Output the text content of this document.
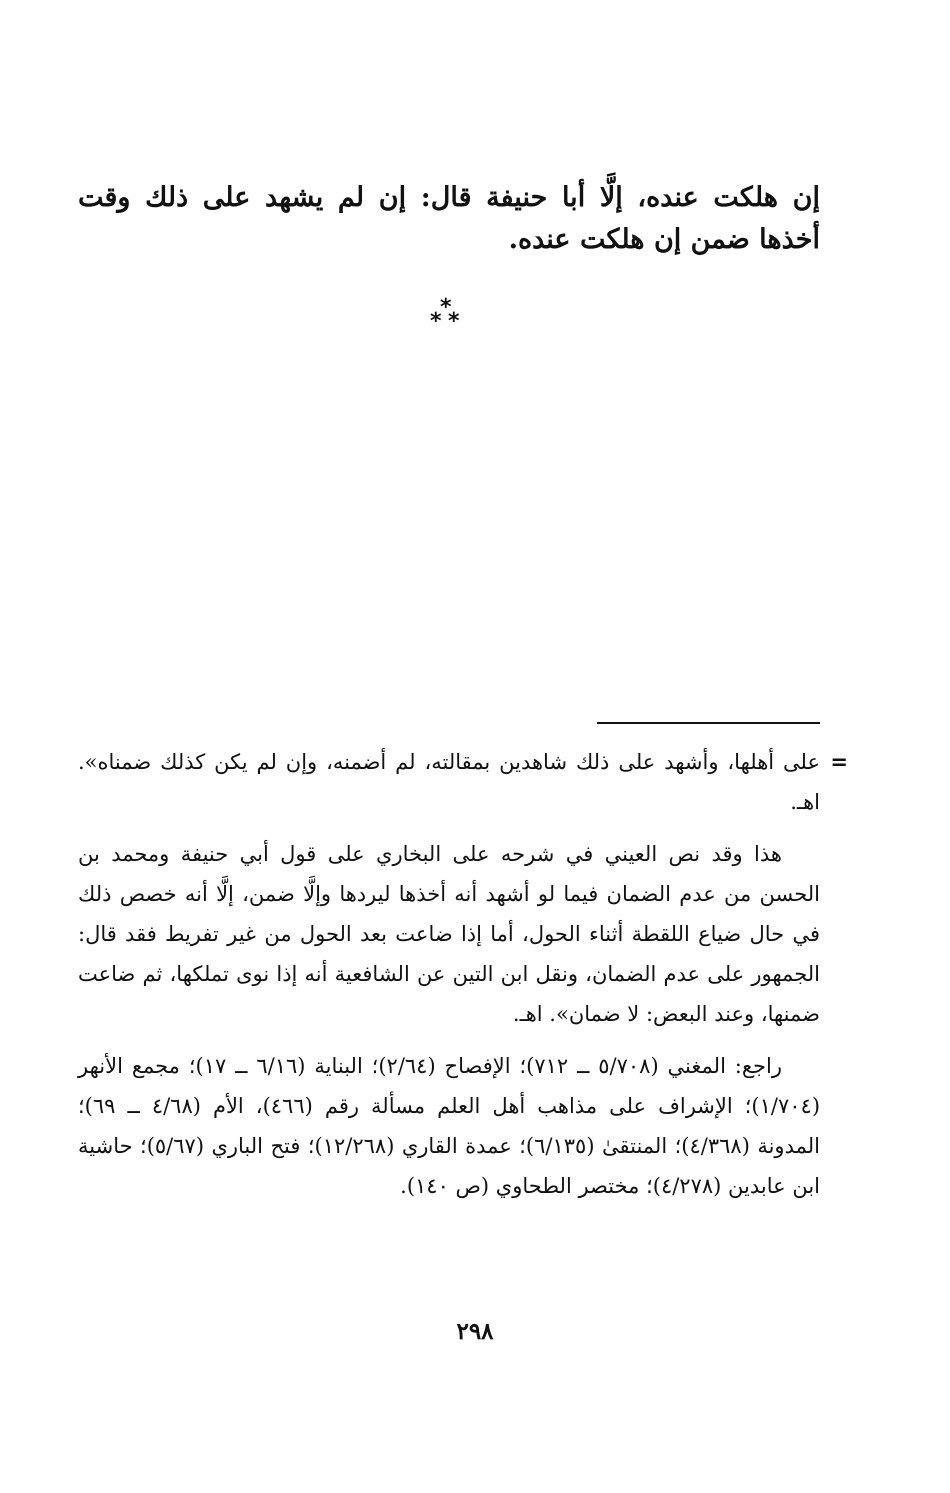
إن هلكت عنده، إلَّا أبا حنيفة قال: إن لم يشهد على ذلك وقت أخذها ضمن إن هلكت عنده.

*
* *

=
على أهلها، وأشهد على ذلك شاهدين بمقالته، لم أضمنه، وإن لم يكن كذلك ضمناه». اهـ.

هذا وقد نص العيني في شرحه على البخاري على قول أبي حنيفة ومحمد بن الحسن من عدم الضمان فيما لو أشهد أنه أخذها ليردها وإلَّا ضمن، إلَّا أنه خصص ذلك في حال ضياع اللقطة أثناء الحول، أما إذا ضاعت بعد الحول من غير تفريط فقد قال: الجمهور على عدم الضمان، ونقل ابن التين عن الشافعية أنه إذا نوى تملكها، ثم ضاعت ضمنها، وعند البعض: لا ضمان». اهـ.

راجع: المغني (٥/٧٠٨ ــ ٧١٢)؛ الإفصاح (٢/٦٤)؛ البناية (٦/١٦ ــ ١٧)؛ مجمع الأنهر (١/٧٠٤)؛ الإشراف على مذاهب أهل العلم مسألة رقم (٤٦٦)، الأم (٤/٦٨ ــ ٦٩)؛ المدونة (٤/٣٦٨)؛ المنتقىٰ (٦/١٣٥)؛ عمدة القاري (١٢/٢٦٨)؛ فتح الباري (٥/٦٧)؛ حاشية ابن عابدين (٤/٢٧٨)؛ مختصر الطحاوي (ص ١٤٠).

٢٩٨
